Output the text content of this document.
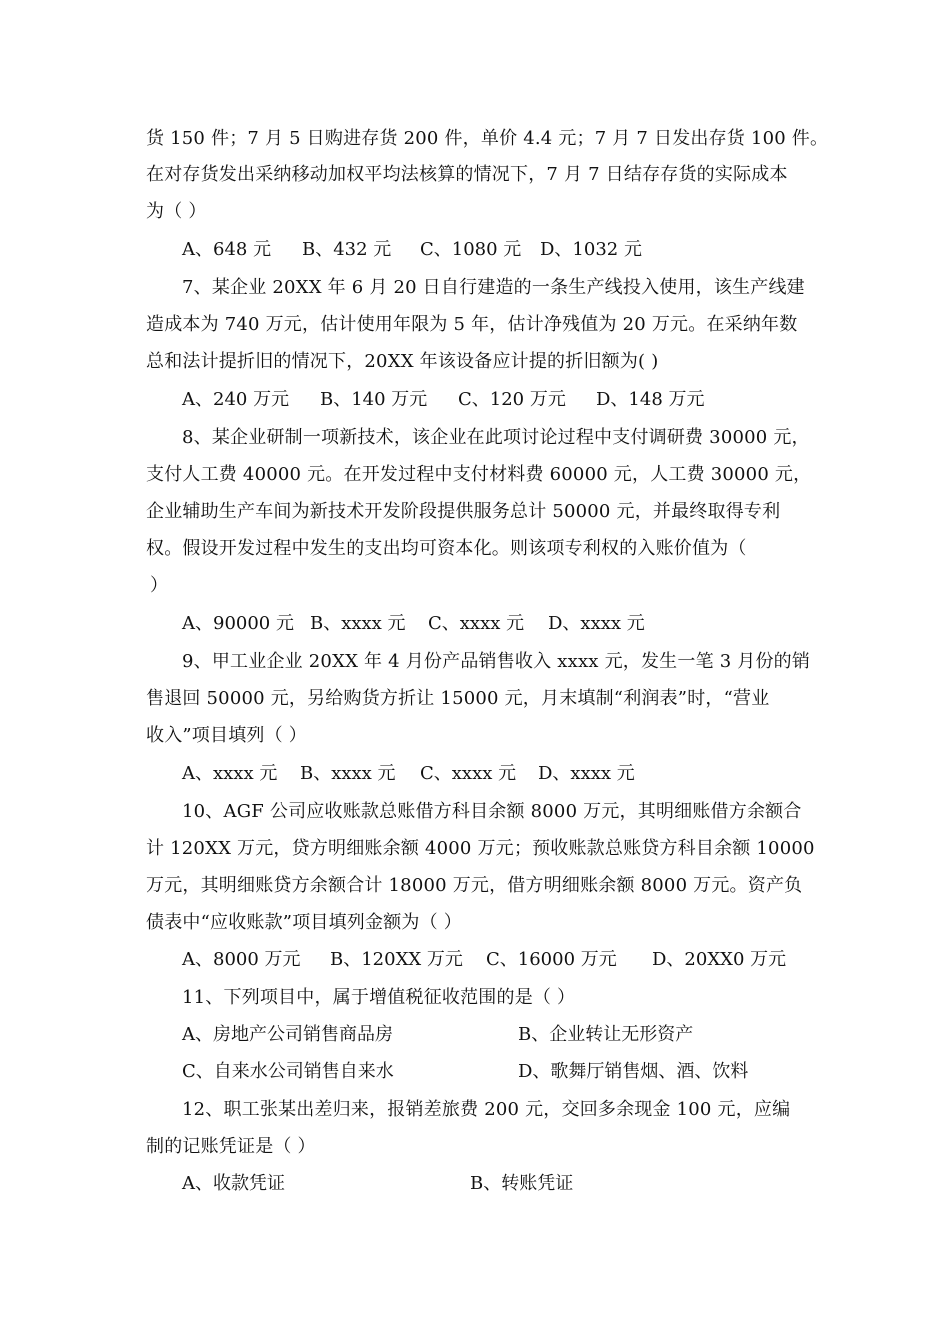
货 150 件；7 月 5 日购进存货 200 件，单价 4.4 元；7 月 7 日发出存货 100 件。
在对存货发出采纳移动加权平均法核算的情况下，7 月 7 日结存存货的实际成本
为（ ）
A、648 元 B、432 元 C、1080 元 D、1032 元
7、某企业 20XX 年 6 月 20 日自行建造的一条生产线投入使用，该生产线建
造成本为 740 万元，估计使用年限为 5 年，估计净残值为 20 万元。在采纳年数
总和法计提折旧的情况下，20XX 年该设备应计提的折旧额为( )
A、240 万元 B、140 万元 C、120 万元 D、148 万元
8、某企业研制一项新技术，该企业在此项讨论过程中支付调研费 30000 元，
支付人工费 40000 元。在开发过程中支付材料费 60000 元，人工费 30000 元，
企业辅助生产车间为新技术开发阶段提供服务总计 50000 元，并最终取得专利
权。假设开发过程中发生的支出均可资本化。则该项专利权的入账价值为（
）
A、90000 元 B、xxxx 元 C、xxxx 元 D、xxxx 元
9、甲工业企业 20XX 年 4 月份产品销售收入 xxxx 元，发生一笔 3 月份的销
售退回 50000 元，另给购货方折让 15000 元，月末填制“利润表”时，“营业
收入”项目填列（ ）
A、xxxx 元 B、xxxx 元 C、xxxx 元 D、xxxx 元
10、AGF 公司应收账款总账借方科目余额 8000 万元，其明细账借方余额合
计 120XX 万元，贷方明细账余额 4000 万元；预收账款总账贷方科目余额 10000
万元，其明细账贷方余额合计 18000 万元，借方明细账余额 8000 万元。资产负
债表中“应收账款”项目填列金额为（ ）
A、8000 万元 B、120XX 万元 C、16000 万元 D、20XX0 万元
11、下列项目中，属于增值税征收范围的是（ ）
A、房地产公司销售商品房	B、企业转让无形资产
C、自来水公司销售自来水	D、歌舞厅销售烟、酒、饮料
12、职工张某出差归来，报销差旅费 200 元，交回多余现金 100 元，应编
制的记账凭证是（ ）
A、收款凭证	B、转账凭证
